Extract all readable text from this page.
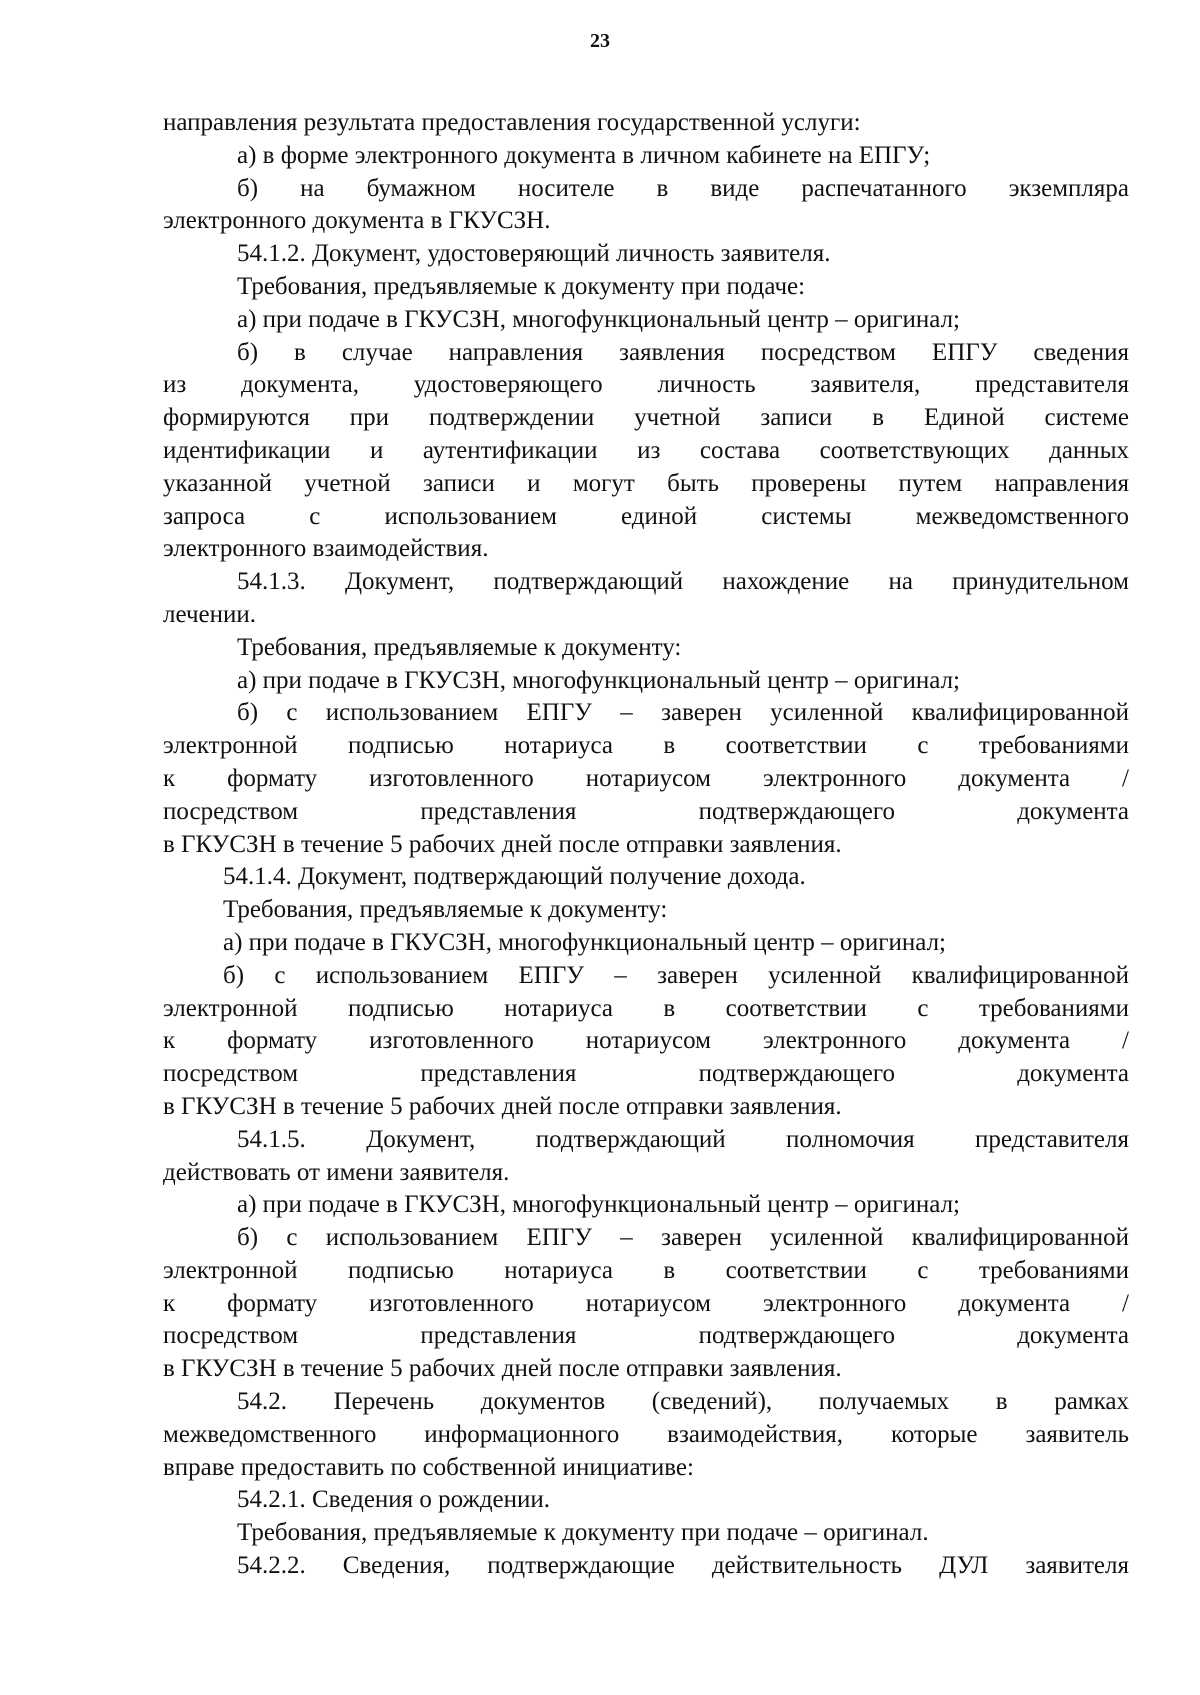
23
направления результата предоставления государственной услуги:
а) в форме электронного документа в личном кабинете на ЕПГУ;
б) на бумажном носителе в виде распечатанного экземпляра
электронного документа в ГКУСЗН.
54.1.2. Документ, удостоверяющий личность заявителя.
Требования, предъявляемые к документу при подаче:
а) при подаче в ГКУСЗН, многофункциональный центр – оригинал;
б) в случае направления заявления посредством ЕПГУ сведения
из документа, удостоверяющего личность заявителя, представителя
формируются при подтверждении учетной записи в Единой системе
идентификации и аутентификации из состава соответствующих данных
указанной учетной записи и могут быть проверены путем направления
запроса с использованием единой системы межведомственного
электронного взаимодействия.
54.1.3. Документ, подтверждающий нахождение на принудительном
лечении.
Требования, предъявляемые к документу:
а) при подаче в ГКУСЗН, многофункциональный центр – оригинал;
б) с использованием ЕПГУ – заверен усиленной квалифицированной
электронной подписью нотариуса в соответствии с требованиями
к формату изготовленного нотариусом электронного документа /
посредством представления подтверждающего документа
в ГКУСЗН в течение 5 рабочих дней после отправки заявления.
54.1.4. Документ, подтверждающий получение дохода.
Требования, предъявляемые к документу:
а) при подаче в ГКУСЗН, многофункциональный центр – оригинал;
б) с использованием ЕПГУ – заверен усиленной квалифицированной
электронной подписью нотариуса в соответствии с требованиями
к формату изготовленного нотариусом электронного документа /
посредством представления подтверждающего документа
в ГКУСЗН в течение 5 рабочих дней после отправки заявления.
54.1.5. Документ, подтверждающий полномочия представителя
действовать от имени заявителя.
а) при подаче в ГКУСЗН, многофункциональный центр – оригинал;
б) с использованием ЕПГУ – заверен усиленной квалифицированной
электронной подписью нотариуса в соответствии с требованиями
к формату изготовленного нотариусом электронного документа /
посредством представления подтверждающего документа
в ГКУСЗН в течение 5 рабочих дней после отправки заявления.
54.2. Перечень документов (сведений), получаемых в рамках
межведомственного информационного взаимодействия, которые заявитель
вправе предоставить по собственной инициативе:
54.2.1. Сведения о рождении.
Требования, предъявляемые к документу при подаче – оригинал.
54.2.2. Сведения, подтверждающие действительность ДУЛ заявителя
